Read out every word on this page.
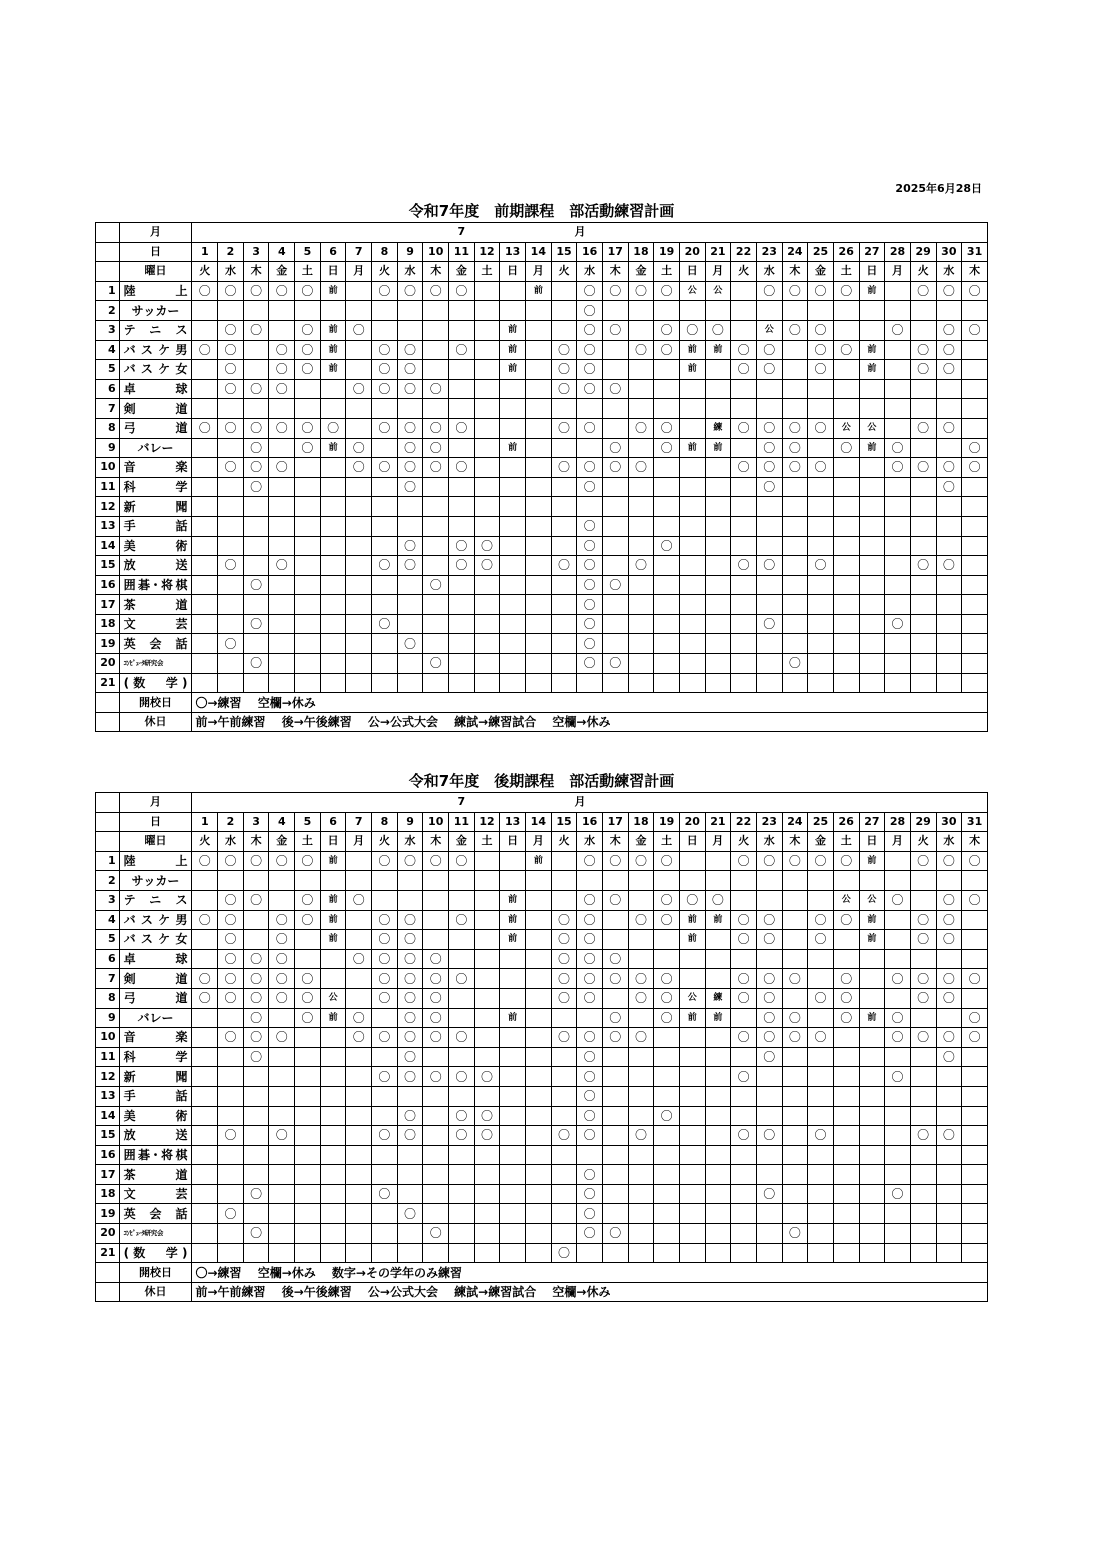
2025年6月28日
令和7年度　前期課程　部活動練習計画
	月	7 月																														

	日	1	2	3	4	5	6	7	8	9	10	11	12	13	14	15	16	17	18	19	20	21	22	23	24	25	26	27	28	29	30	31
	曜日	火	水	木	金	土	日	月	火	水	木	金	土	日	月	火	水	木	金	土	日	月	火	水	木	金	土	日	月	火	水	木
1	陸　上	〇	〇	〇	〇	〇	前		〇	〇	〇	〇			前		〇	〇	〇	〇	公	公		〇	〇	〇	〇	前		〇	〇	〇
2	サッカー																〇															
3	テニス		〇	〇		〇	前	〇						前			〇	〇		〇	〇	〇		公	〇	〇			〇		〇	〇
4	バスケ男	〇	〇		〇	〇	前		〇	〇		〇		前		〇	〇		〇	〇	前	前	〇	〇		〇	〇	前		〇	〇	
5	バスケ女		〇		〇	〇	前		〇	〇				前		〇	〇				前		〇	〇		〇		前		〇	〇	
6	卓　球		〇	〇	〇			〇	〇	〇	〇					〇	〇	〇														
7	剣　道																															
8	弓　道	〇	〇	〇	〇	〇	〇		〇	〇	〇	〇				〇	〇		〇	〇		練	〇	〇	〇	〇	公	公		〇	〇	
9	バレー			〇		〇	前	〇		〇	〇			前				〇		〇	前	前		〇	〇		〇	前	〇			〇
10	音　楽		〇	〇	〇			〇	〇	〇	〇	〇				〇	〇	〇	〇				〇	〇	〇	〇			〇	〇	〇	〇
11	科　学			〇						〇							〇							〇							〇	
12	新　聞																															
13	手　話																〇															
14	美　術									〇		〇	〇				〇			〇												
15	放　送		〇		〇				〇	〇		〇	〇			〇	〇		〇				〇	〇		〇				〇	〇	
16	囲碁･将棋			〇							〇						〇	〇														
17	茶　道																〇															
18	文　芸			〇					〇								〇							〇					〇			
19	英会話		〇							〇							〇															
20	ｺﾝﾋﾟｭｰﾀ研究会			〇							〇						〇	〇							〇							
21	(数　学)																															
	開校日	〇→練習　 空欄→休み																														
	休日	前→午前練習　 後→午後練習　 公→公式大会　 練試→練習試合　 空欄→休み																														
令和7年度　後期課程　部活動練習計画
	月	7 月																														

	日	1	2	3	4	5	6	7	8	9	10	11	12	13	14	15	16	17	18	19	20	21	22	23	24	25	26	27	28	29	30	31
	曜日	火	水	木	金	土	日	月	火	水	木	金	土	日	月	火	水	木	金	土	日	月	火	水	木	金	土	日	月	火	水	木
1	陸　上	〇	〇	〇	〇	〇	前		〇	〇	〇	〇			前		〇	〇	〇	〇			〇	〇	〇	〇	〇	前		〇	〇	〇
2	サッカー																															
3	テニス		〇	〇		〇	前	〇						前			〇	〇		〇	〇	〇					公	公	〇		〇	〇
4	バスケ男	〇	〇		〇	〇	前		〇	〇		〇		前		〇	〇		〇	〇	前	前	〇	〇		〇	〇	前		〇	〇	
5	バスケ女		〇		〇		前		〇	〇				前		〇	〇				前		〇	〇		〇		前		〇	〇	
6	卓　球		〇	〇	〇			〇	〇	〇	〇					〇	〇	〇														
7	剣　道	〇	〇	〇	〇	〇			〇	〇	〇	〇				〇	〇	〇	〇	〇			〇	〇	〇		〇		〇	〇	〇	〇
8	弓　道	〇	〇	〇	〇	〇	公		〇	〇	〇					〇	〇		〇	〇	公	練	〇	〇		〇	〇			〇	〇	
9	バレー			〇		〇	前	〇		〇	〇			前				〇		〇	前	前		〇	〇		〇	前	〇			〇
10	音　楽		〇	〇	〇			〇	〇	〇	〇	〇				〇	〇	〇	〇				〇	〇	〇	〇			〇	〇	〇	〇
11	科　学			〇						〇							〇							〇							〇	
12	新　聞								〇	〇	〇	〇	〇				〇						〇						〇			
13	手　話																〇															
14	美　術									〇		〇	〇				〇			〇												
15	放　送		〇		〇				〇	〇		〇	〇			〇	〇		〇				〇	〇		〇				〇	〇	
16	囲碁･将棋																															
17	茶　道																〇															
18	文　芸			〇					〇								〇							〇					〇			
19	英会話		〇							〇							〇															
20	ｺﾝﾋﾟｭｰﾀ研究会			〇							〇						〇	〇							〇							
21	(数　学)															〇																
	開校日	〇→練習　 空欄→休み　 数字→その学年のみ練習																														
	休日	前→午前練習　 後→午後練習　 公→公式大会　 練試→練習試合　 空欄→休み																														
